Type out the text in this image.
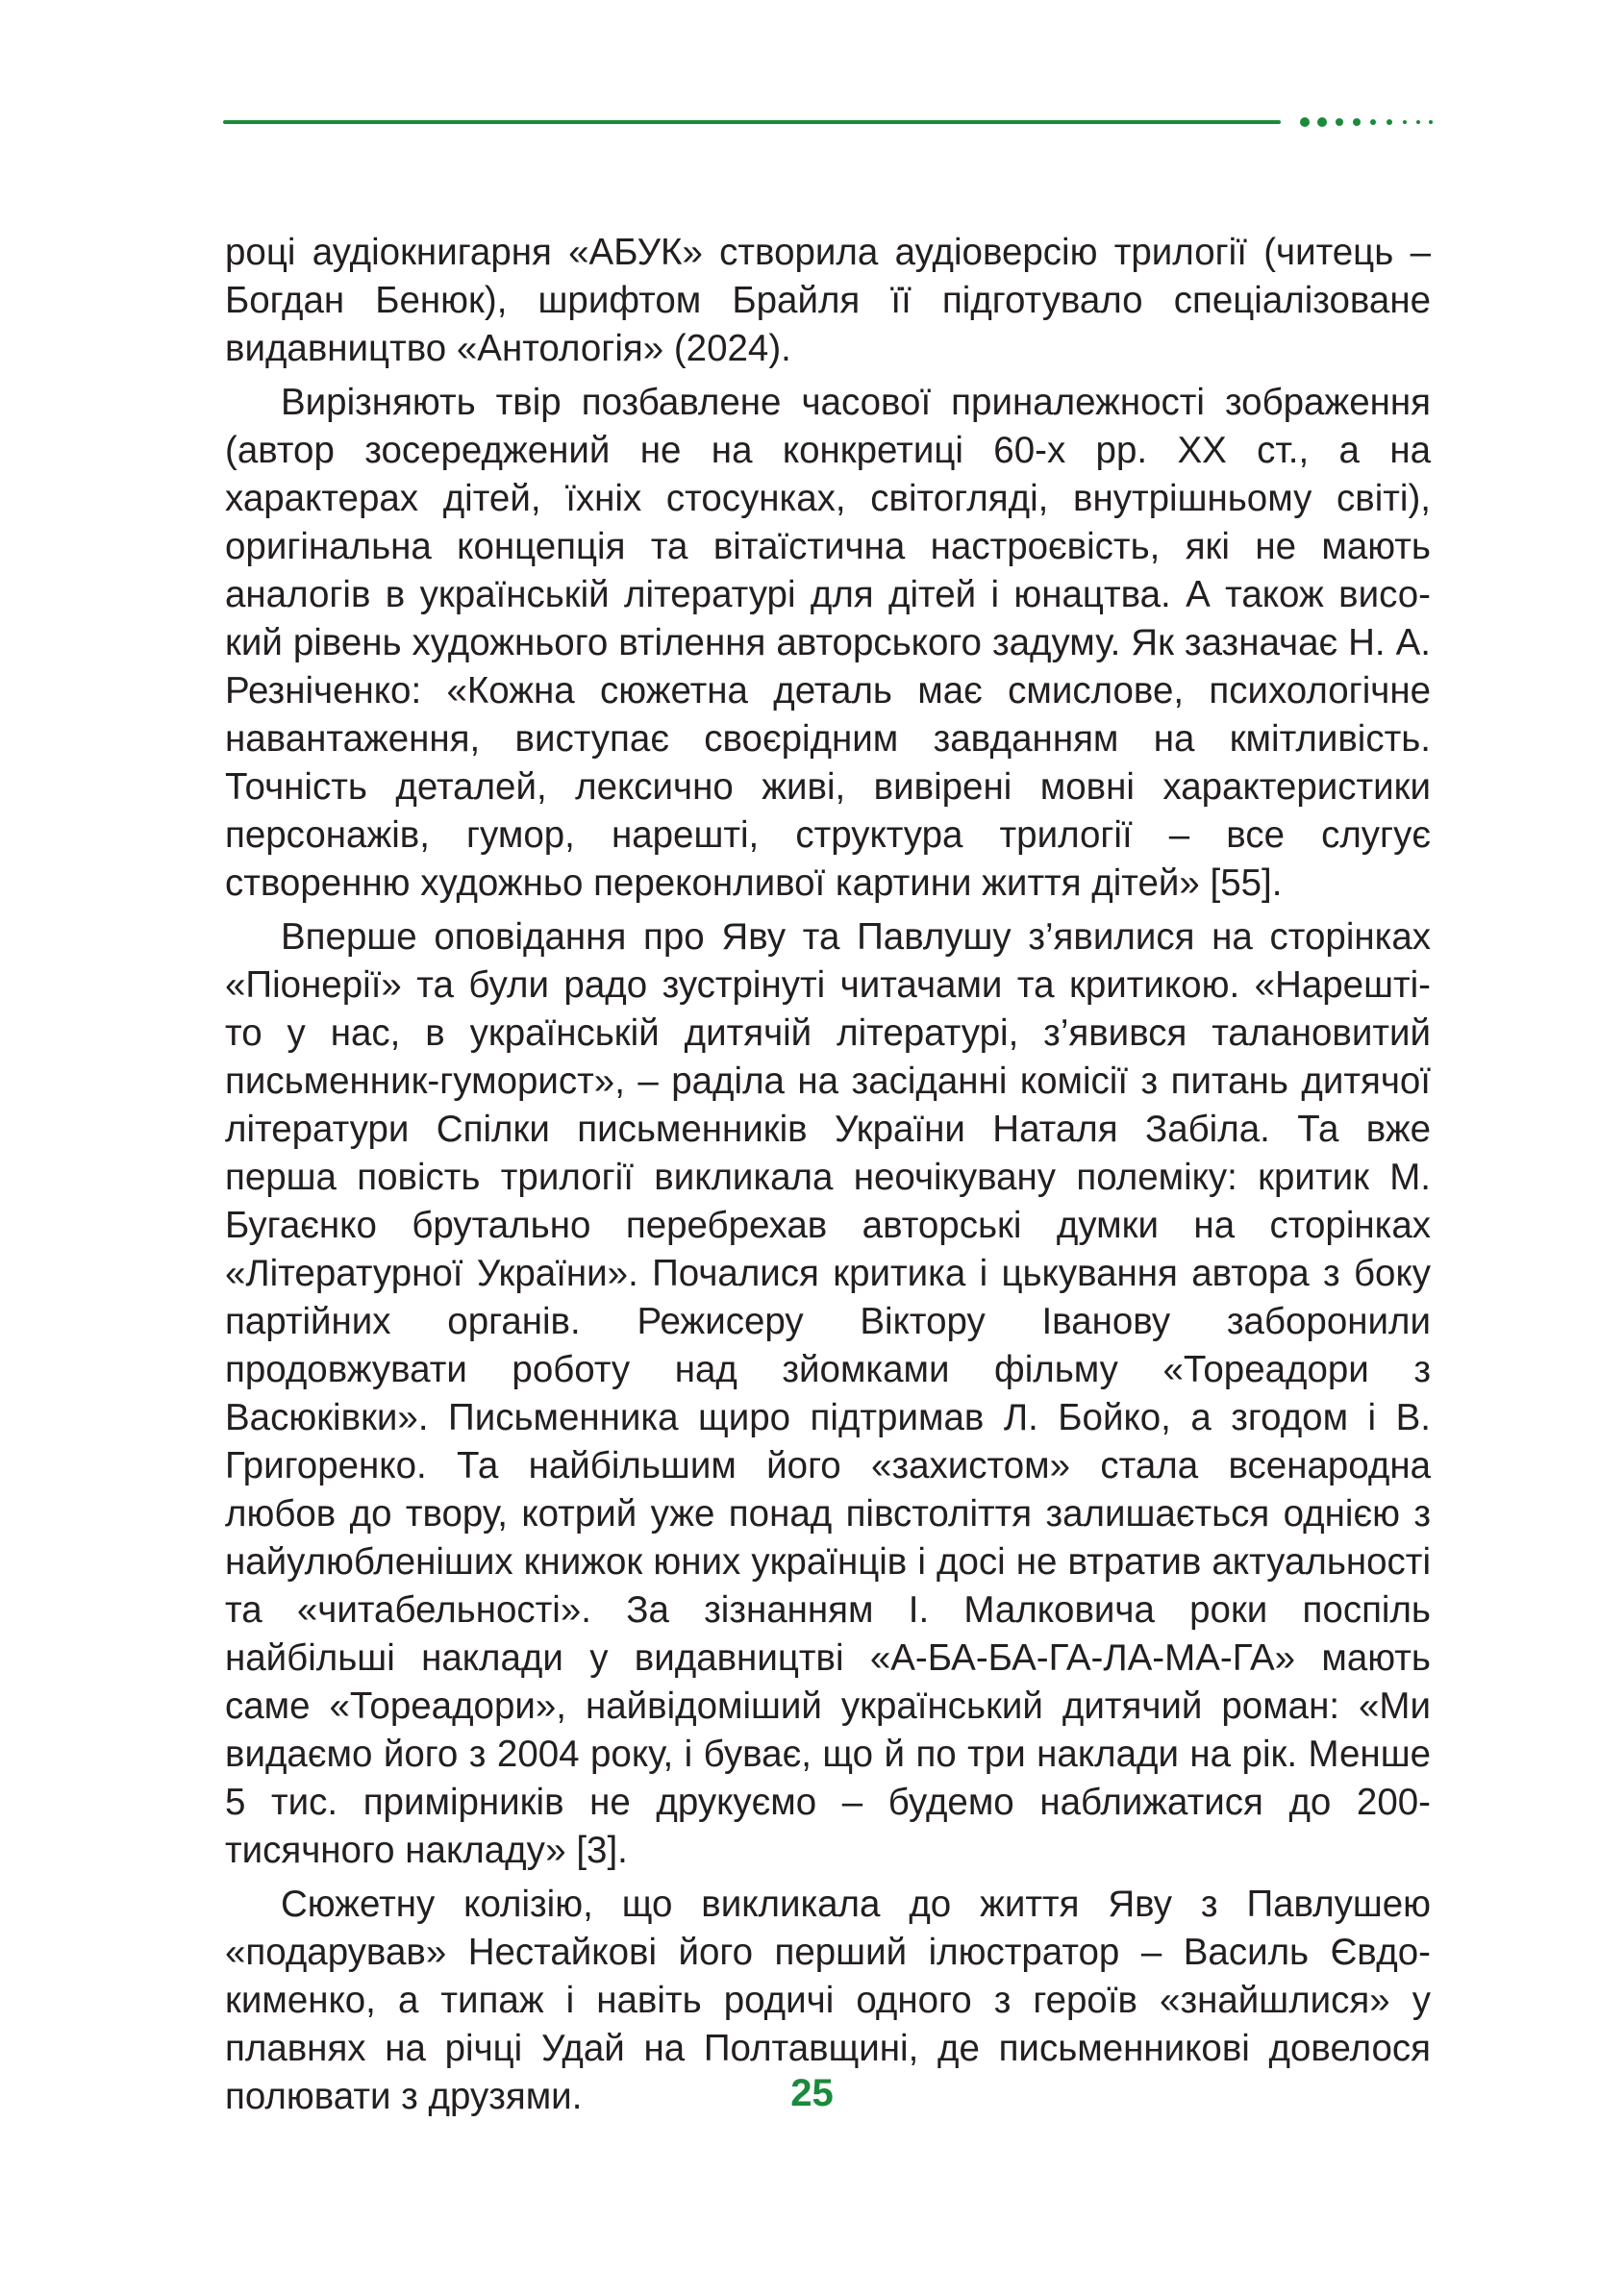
році аудіокнигарня «АБУК» створила аудіоверсію трилогії (читець – Богдан Бенюк), шрифтом Брайля її підготувало спеціалізоване видавництво «Антологія» (2024).

Вирізняють твір позбавлене часової приналежності зображення (автор зосереджений не на конкретиці 60-х рр. ХХ ст., а на характерах дітей, їхніх стосунках, світогляді, внутрішньому світі), оригінальна концепція та вітаїстична настроєвість, які не мають аналогів в українській літературі для дітей і юнацтва. А також високий рівень художнього втілення авторського задуму. Як зазначає Н. А. Резніченко: «Кожна сюжетна деталь має смислове, психологічне навантаження, виступає своєрідним завданням на кмітливість. Точність деталей, лексично живі, вивірені мовні характеристики персонажів, гумор, нарешті, структура трилогії – все слугує створенню художньо переконливої картини життя дітей» [55].

Вперше оповідання про Яву та Павлушу з’явилися на сторінках «Піонерії» та були радо зустрінуті читачами та критикою. «Нарешті-то у нас, в українській дитячій літературі, з’явився талановитий письменник-гуморист», – раділа на засіданні комісії з питань дитячої літератури Спілки письменників України Наталя Забіла. Та вже перша повість трилогії викликала неочікувану полеміку: критик М. Бугаєнко брутально перебрехав авторські думки на сторінках «Літературної України». Почалися критика і цькування автора з боку партійних органів. Режисеру Віктору Іванову заборонили продовжувати роботу над зйомками фільму «Тореадори з Васюківки». Письменника щиро підтримав Л. Бойко, а згодом і В. Григоренко. Та найбільшим його «захистом» стала всенародна любов до твору, котрий уже понад півстоліття залишається однією з найулюбленіших книжок юних українців і досі не втратив актуальності та «читабельності». За зізнанням І. Малковича роки поспіль найбільші наклади у видавництві «А-БА-БА-ГА-ЛА-МА-ГА» мають саме «Тореадори», найвідоміший український дитячий роман: «Ми видаємо його з 2004 року, і буває, що й по три наклади на рік. Менше 5 тис. примірників не друкуємо – будемо наближатися до 200-тисячного накладу» [3].

Сюжетну колізію, що викликала до життя Яву з Павлушею «подарував» Нестайкові його перший ілюстратор – Василь Євдокименко, а типаж і навіть родичі одного з героїв «знайшлися» у плавнях на річці Удай на Полтавщині, де письменникові довелося полювати з друзями.	25
